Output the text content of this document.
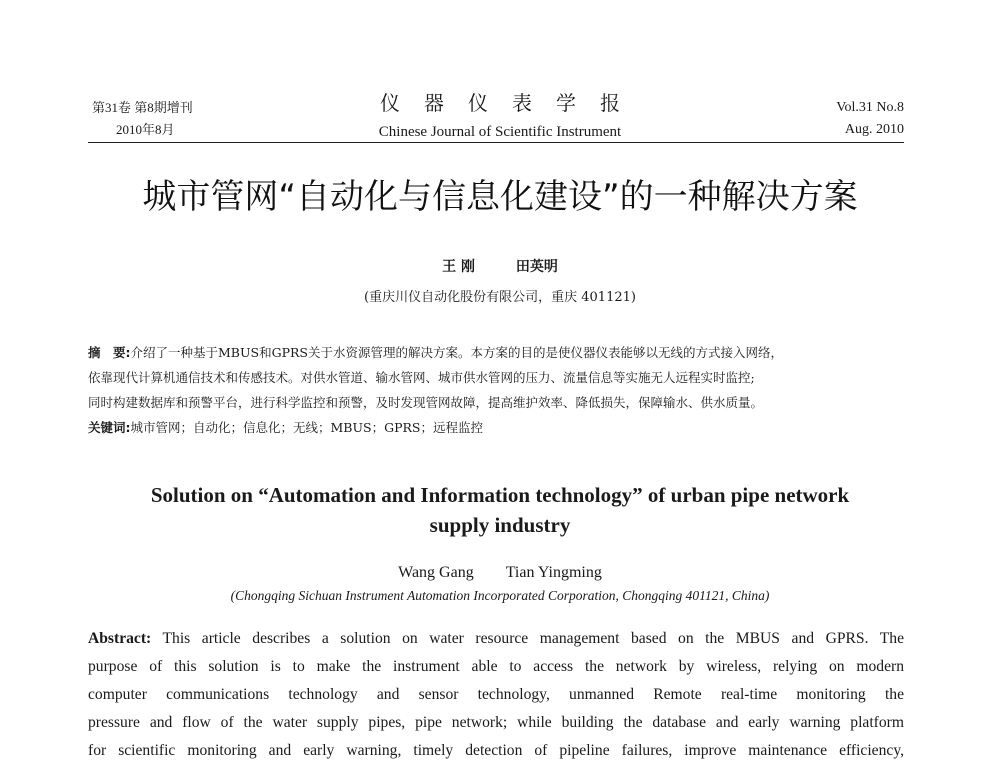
第31卷 第8期增刊
2010年8月
仪器仪表学报
Chinese Journal of Scientific Instrument
Vol.31 No.8
Aug. 2010
城市管网“自动化与信息化建设”的一种解决方案
王 刚	田英明
(重庆川仪自动化股份有限公司，重庆 401121)

摘　要:介绍了一种基于MBUS和GPRS关于水资源管理的解决方案。本方案的目的是使仪器仪表能够以无线的方式接入网络，

依靠现代计算机通信技术和传感技术。对供水管道、输水管网、城市供水管网的压力、流量信息等实施无人远程实时监控;

同时构建数据库和预警平台，进行科学监控和预警，及时发现管网故障，提高维护效率、降低损失，保障输水、供水质量。

关键词:城市管网；自动化；信息化；无线；MBUS；GPRS；远程监控

Solution on “Automation and Information technology” of urban pipe network
supply industry
Wang Gang Tian Yingming
(Chongqing Sichuan Instrument Automation Incorporated Corporation, Chongqing 401121, China)
Abstract: This article describes a solution on water resource management based on the MBUS and GPRS. The
purpose of this solution is to make the instrument able to access the network by wireless, relying on modern
computer communications technology and sensor technology, unmanned Remote real-time monitoring the
pressure and flow of the water supply pipes, pipe network; while building the database and early warning platform
for scientific monitoring and early warning, timely detection of pipeline failures, improve maintenance efficiency,
